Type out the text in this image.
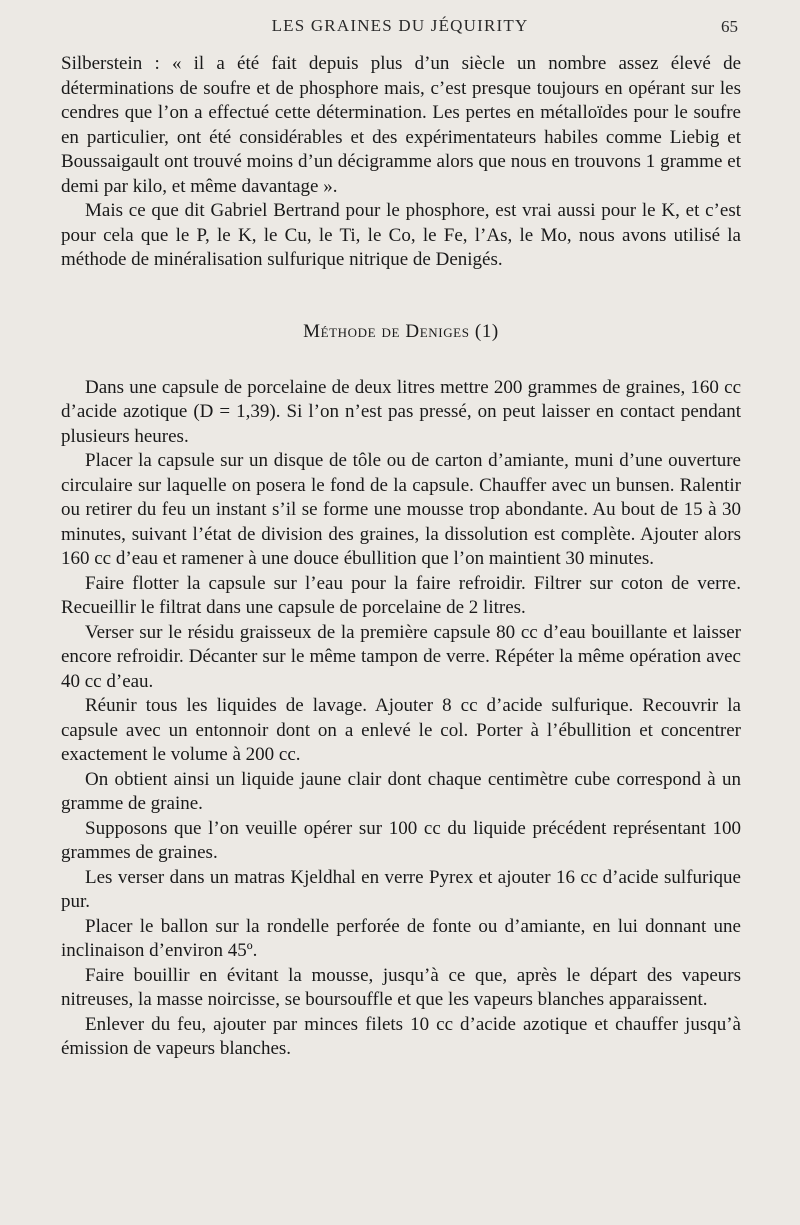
LES GRAINES DU JÉQUIRITY	65

Silberstein : « il a été fait depuis plus d’un siècle un nombre assez élevé de déterminations de soufre et de phosphore mais, c’est presque toujours en opérant sur les cendres que l’on a effectué cette détermination. Les pertes en métalloïdes pour le soufre en particulier, ont été considérables et des expérimentateurs habiles comme Liebig et Boussaigault ont trouvé moins d’un décigramme alors que nous en trouvons 1 gramme et demi par kilo, et même davantage ».

Mais ce que dit Gabriel Bertrand pour le phosphore, est vrai aussi pour le K, et c’est pour cela que le P, le K, le Cu, le Ti, le Co, le Fe, l’As, le Mo, nous avons utilisé la méthode de minéralisation sulfurique nitrique de Denigés.

Méthode de Deniges (1)

Dans une capsule de porcelaine de deux litres mettre 200 grammes de graines, 160 cc d’acide azotique (D = 1,39). Si l’on n’est pas pressé, on peut laisser en contact pendant plusieurs heures.

Placer la capsule sur un disque de tôle ou de carton d’amiante, muni d’une ouverture circulaire sur laquelle on posera le fond de la capsule. Chauffer avec un bunsen. Ralentir ou retirer du feu un instant s’il se forme une mousse trop abondante. Au bout de 15 à 30 minutes, suivant l’état de division des graines, la dissolution est complète. Ajouter alors 160 cc d’eau et ramener à une douce ébullition que l’on maintient 30 minutes.

Faire flotter la capsule sur l’eau pour la faire refroidir. Filtrer sur coton de verre. Recueillir le filtrat dans une capsule de porcelaine de 2 litres.

Verser sur le résidu graisseux de la première capsule 80 cc d’eau bouillante et laisser encore refroidir. Décanter sur le même tampon de verre. Répéter la même opération avec 40 cc d’eau.

Réunir tous les liquides de lavage. Ajouter 8 cc d’acide sulfurique. Recouvrir la capsule avec un entonnoir dont on a enlevé le col. Porter à l’ébullition et concentrer exactement le volume à 200 cc.

On obtient ainsi un liquide jaune clair dont chaque centimètre cube correspond à un gramme de graine.

Supposons que l’on veuille opérer sur 100 cc du liquide précédent représentant 100 grammes de graines.

Les verser dans un matras Kjeldhal en verre Pyrex et ajouter 16 cc d’acide sulfurique pur.

Placer le ballon sur la rondelle perforée de fonte ou d’amiante, en lui donnant une inclinaison d’environ 45º.

Faire bouillir en évitant la mousse, jusqu’à ce que, après le départ des vapeurs nitreuses, la masse noircisse, se boursouffle et que les vapeurs blanches apparaissent.

Enlever du feu, ajouter par minces filets 10 cc d’acide azotique et chauffer jusqu’à émission de vapeurs blanches.
